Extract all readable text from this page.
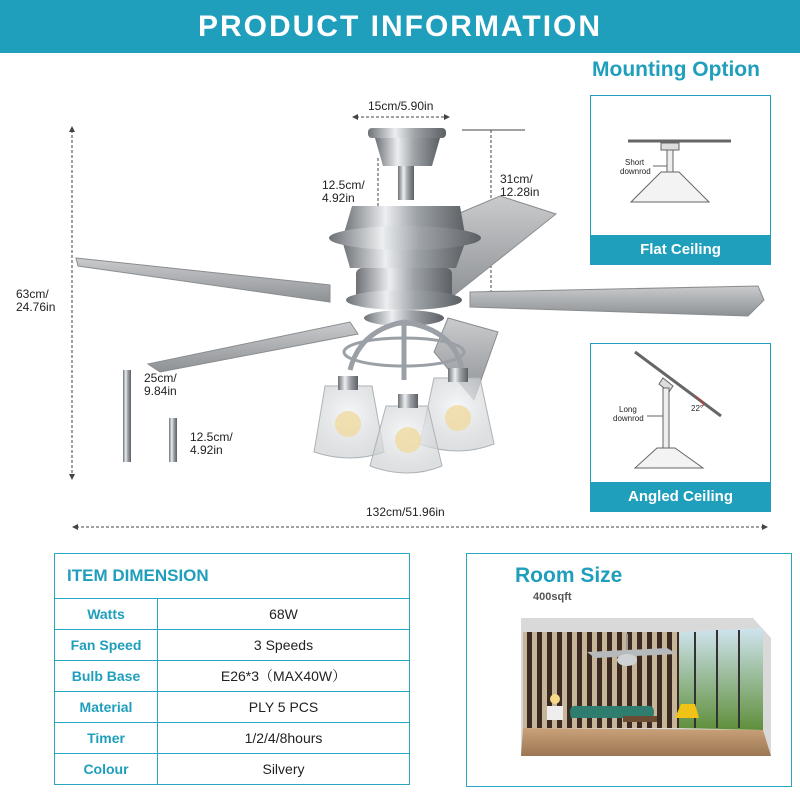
PRODUCT INFORMATION
15cm/5.90in
12.5cm/
4.92in
31cm/
12.28in
63cm/
24.76in
25cm/
9.84in
12.5cm/
4.92in
132cm/51.96in
Mounting Option
Short
downrod
Flat Ceiling
Long
downrod
22°
Angled Ceiling
ITEM DIMENSION	
Watts	68W
Fan Speed	3 Speeds
Bulb Base	E26*3（MAX40W）
Material	PLY 5 PCS
Timer	1/2/4/8hours
Colour	Silvery
Room Size
400sqft
